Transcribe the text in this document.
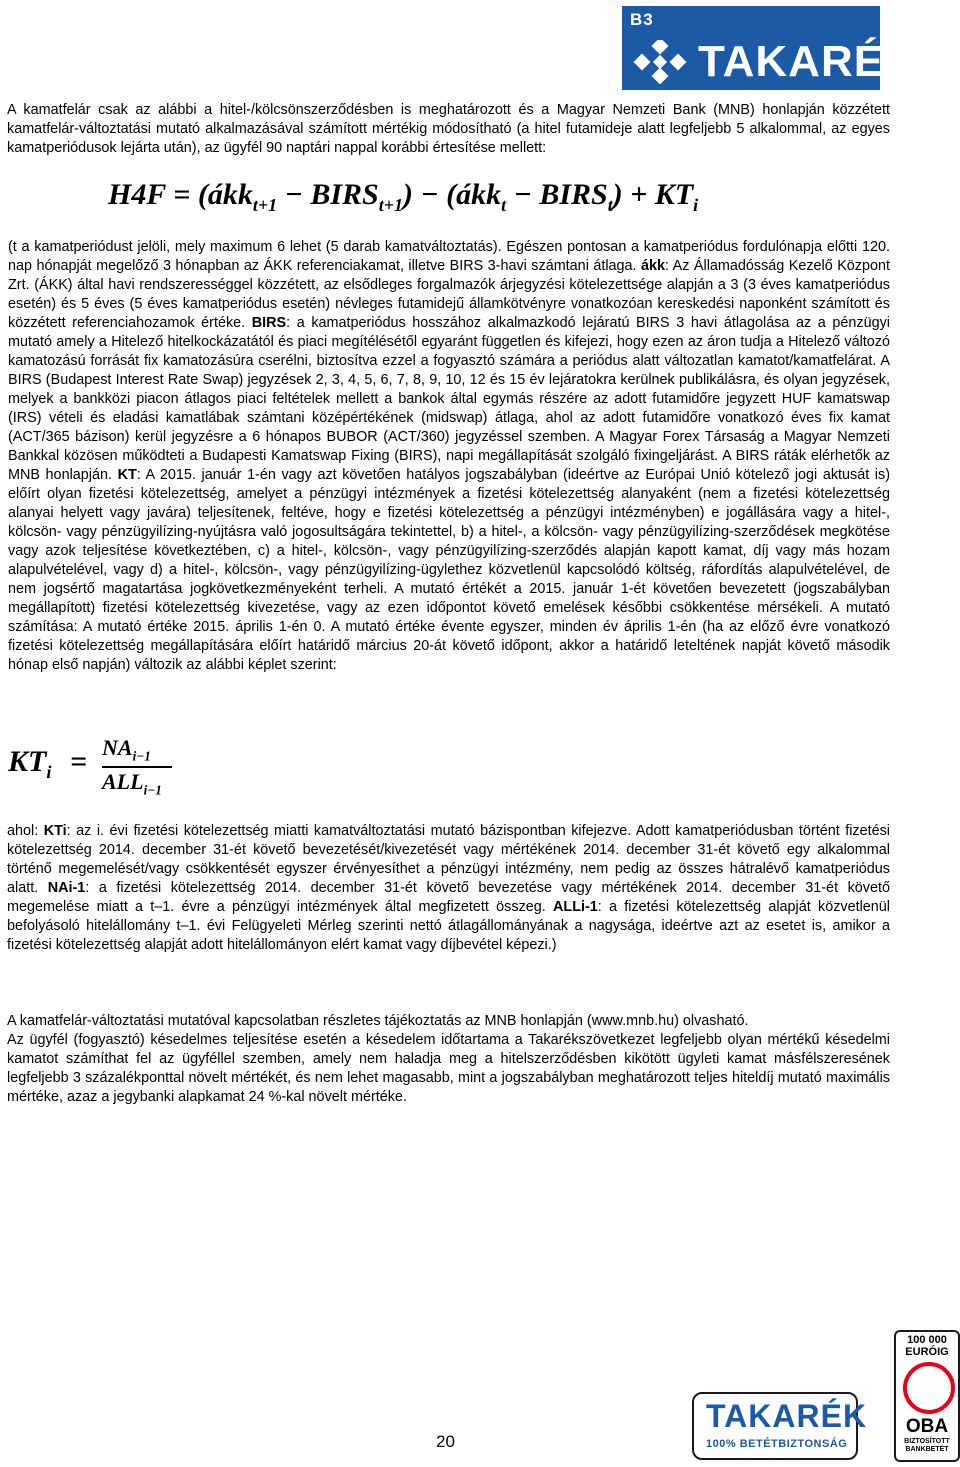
B3
TAKARÉK

A kamatfelár csak az alábbi a hitel-/kölcsönszerződésben is meghatározott és a Magyar Nemzeti Bank (MNB) honlapján közzétett kamatfelár-változtatási mutató alkalmazásával számított mértékig módosítható (a hitel futamideje alatt legfeljebb 5 alkalommal, az egyes kamatperiódusok lejárta után), az ügyfél 90 naptári nappal korábbi értesítése mellett:

H4F = (ákk$_{t+1}$ − $BIRS_{t+1}$) − (ákk$_t$ − $BIRS_t) + KT_i$

(t a kamatperiódust jelöli, mely maximum 6 lehet (5 darab kamatváltoztatás). Egészen pontosan a kamatperiódus fordulónapja előtti 120. nap hónapját megelőző 3 hónapban az ÁKK referenciakamat, illetve BIRS 3-havi számtani átlaga. ákk: Az Államadósság Kezelő Központ Zrt. (ÁKK) által havi rendszerességgel közzétett, az elsődleges forgalmazók árjegyzési kötelezettsége alapján a 3 (3 éves kamatperiódus esetén) és 5 éves (5 éves kamatperiódus esetén) névleges futamidejű államkötvényre vonatkozóan kereskedési naponként számított és közzétett referenciahozamok értéke. BIRS: a kamatperiódus hosszához alkalmazkodó lejáratú BIRS 3 havi átlagolása az a pénzügyi mutató amely a Hitelező hitelkockázatától és piaci megítélésétől egyaránt független és kifejezi, hogy ezen az áron tudja a Hitelező változó kamatozású forrását fix kamatozásúra cserélni, biztosítva ezzel a fogyasztó számára a periódus alatt változatlan kamatot/kamatfelárat. A BIRS (Budapest Interest Rate Swap) jegyzések 2, 3, 4, 5, 6, 7, 8, 9, 10, 12 és 15 év lejáratokra kerülnek publikálásra, és olyan jegyzések, melyek a bankközi piacon átlagos piaci feltételek mellett a bankok által egymás részére az adott futamidőre jegyzett HUF kamatswap (IRS) vételi és eladási kamatlábak számtani középértékének (midswap) átlaga, ahol az adott futamidőre vonatkozó éves fix kamat (ACT/365 bázison) kerül jegyzésre a 6 hónapos BUBOR (ACT/360) jegyzéssel szemben. A Magyar Forex Társaság a Magyar Nemzeti Bankkal közösen működteti a Budapesti Kamatswap Fixing (BIRS), napi megállapítását szolgáló fixingeljárást. A BIRS ráták elérhetők az MNB honlapján. KT: A 2015. január 1-én vagy azt követően hatályos jogszabályban (ideértve az Európai Unió kötelező jogi aktusát is) előírt olyan fizetési kötelezettség, amelyet a pénzügyi intézmények a fizetési kötelezettség alanyaként (nem a fizetési kötelezettség alanyai helyett vagy javára) teljesítenek, feltéve, hogy e fizetési kötelezettség a pénzügyi intézményben) e jogállására vagy a hitel-, kölcsön- vagy pénzügyilízing-nyújtásra való jogosultságára tekintettel, b) a hitel-, a kölcsön- vagy pénzügyilízing-szerződések megkötése vagy azok teljesítése következtében, c) a hitel-, kölcsön-, vagy pénzügyilízing-szerződés alapján kapott kamat, díj vagy más hozam alapulvételével, vagy d) a hitel-, kölcsön-, vagy pénzügyilízing-ügylethez közvetlenül kapcsolódó költség, ráfordítás alapulvételével, de nem jogsértő magatartása jogkövetkezményeként terheli. A mutató értékét a 2015. január 1-ét követően bevezetett (jogszabályban megállapított) fizetési kötelezettség kivezetése, vagy az ezen időpontot követő emelések későbbi csökkentése mérsékeli. A mutató számítása: A mutató értéke 2015. április 1-én 0. A mutató értéke évente egyszer, minden év április 1-én (ha az előző évre vonatkozó fizetési kötelezettség megállapítására előírt határidő március 20-át követő időpont, akkor a határidő leteltének napját követő második hónap első napján) változik az alábbi képlet szerint:

$KT_i = NA_{i-1}$
$ALL_{i-1}$

ahol: KTi: az i. évi fizetési kötelezettség miatti kamatváltoztatási mutató bázispontban kifejezve. Adott kamatperiódusban történt fizetési kötelezettség 2014. december 31-ét követő bevezetését/kivezetését vagy mértékének 2014. december 31-ét követő egy alkalommal történő megemelését/vagy csökkentését egyszer érvényesíthet a pénzügyi intézmény, nem pedig az összes hátralévő kamatperiódus alatt. NAi-1: a fizetési kötelezettség 2014. december 31-ét követő bevezetése vagy mértékének 2014. december 31-ét követő megemelése miatt a t–1. évre a pénzügyi intézmények által megfizetett összeg. ALLi-1: a fizetési kötelezettség alapját közvetlenül befolyásoló hitelállomány t–1. évi Felügyeleti Mérleg szerinti nettó átlagállományának a nagysága, ideértve azt az esetet is, amikor a fizetési kötelezettség alapját adott hitelállományon elért kamat vagy díjbevétel képezi.)

A kamatfelár-változtatási mutatóval kapcsolatban részletes tájékoztatás az MNB honlapján (www.mnb.hu) olvasható.

Az ügyfél (fogyasztó) késedelmes teljesítése esetén a késedelem időtartama a Takarékszövetkezet legfeljebb olyan mértékű késedelmi kamatot számíthat fel az ügyféllel szemben, amely nem haladja meg a hitelszerződésben kikötött ügyleti kamat másfélszeresének legfeljebb 3 százalékponttal növelt mértékét, és nem lehet magasabb, mint a jogszabályban meghatározott teljes hiteldíj mutató maximális mértéke, azaz a jegybanki alapkamat 24 %-kal növelt mértéke.

20
TAKARÉK
100% BETÉTBIZTONSÁG
100 000
EURÓIG
OBA
BIZTOSÍTOTT BANKBETÉT
